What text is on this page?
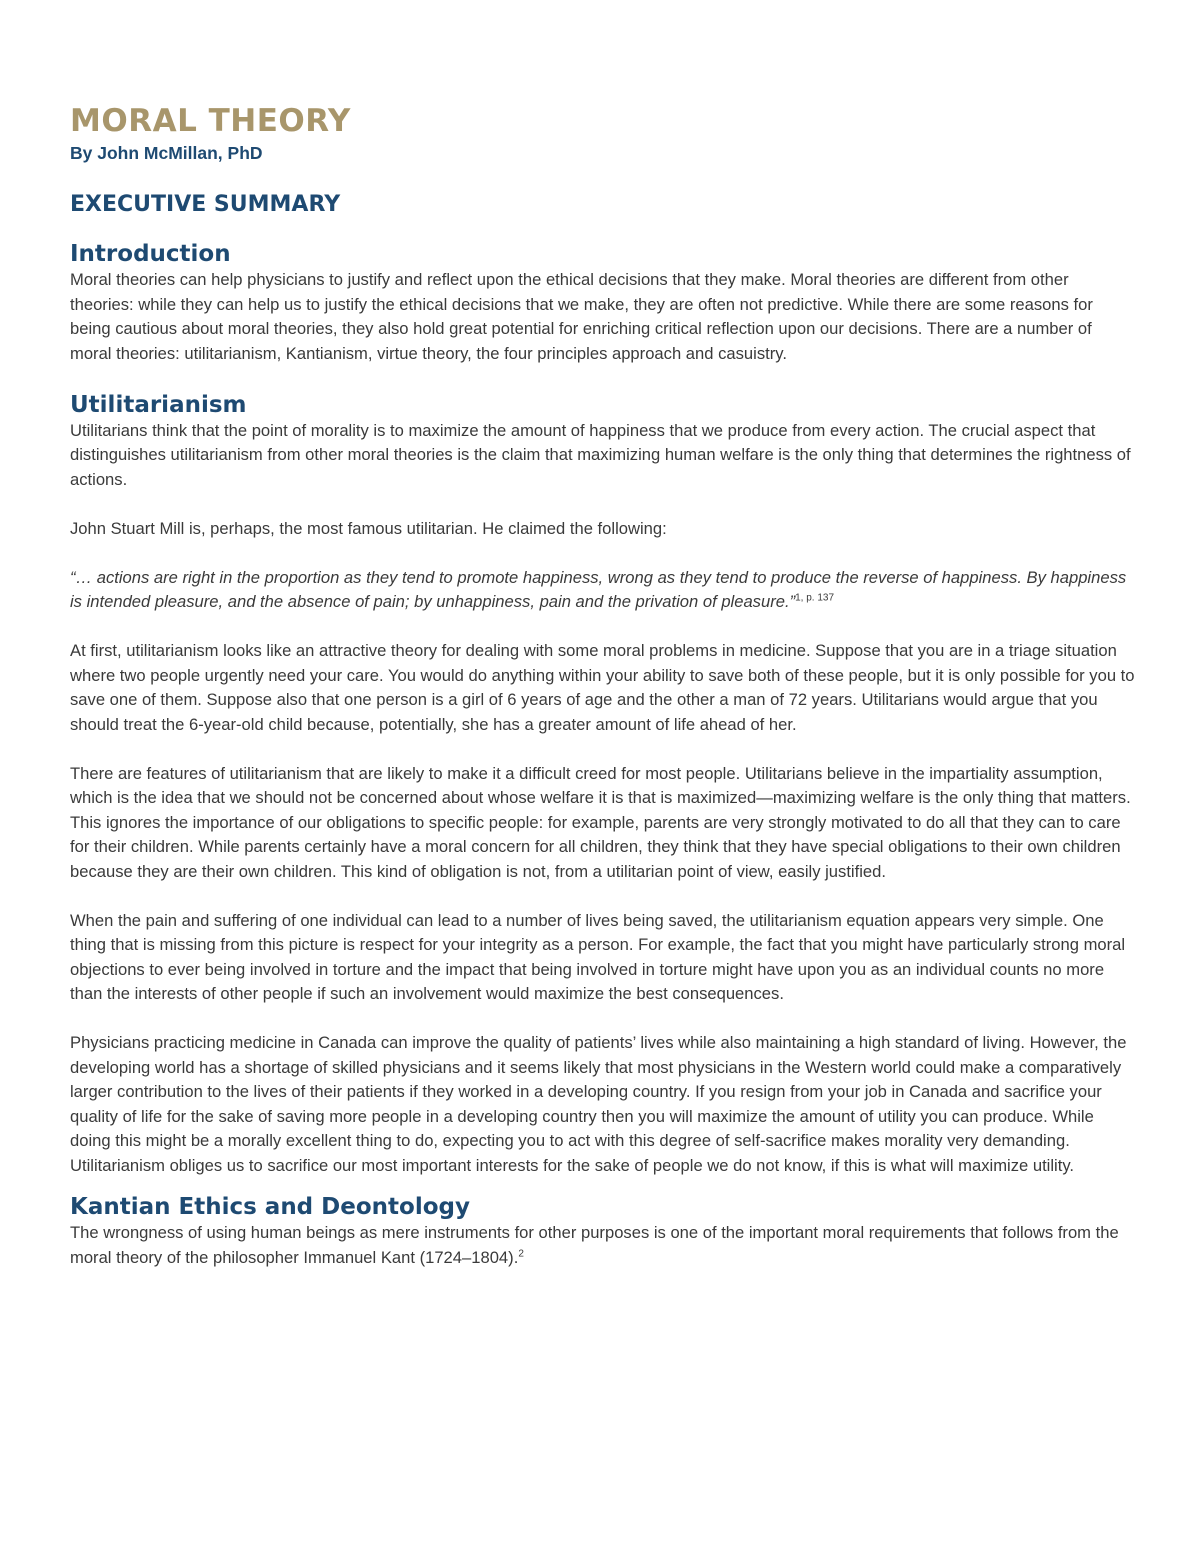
MORAL THEORY

By John McMillan, PhD

EXECUTIVE SUMMARY
Introduction

Moral theories can help physicians to justify and reflect upon the ethical decisions that they make. Moral theories are different from other theories: while they can help us to justify the ethical decisions that we make, they are often not predictive. While there are some reasons for being cautious about moral theories, they also hold great potential for enriching critical reflection upon our decisions. There are a number of moral theories: utilitarianism, Kantianism, virtue theory, the four principles approach and casuistry.

Utilitarianism

Utilitarians think that the point of morality is to maximize the amount of happiness that we produce from every action. The crucial aspect that distinguishes utilitarianism from other moral theories is the claim that maximizing human welfare is the only thing that determines the rightness of actions.

John Stuart Mill is, perhaps, the most famous utilitarian. He claimed the following:

“… actions are right in the proportion as they tend to promote happiness, wrong as they tend to produce the reverse of happiness. By happiness is intended pleasure, and the absence of pain; by unhappiness, pain and the privation of pleasure.”$^{1, p. 137}$

At first, utilitarianism looks like an attractive theory for dealing with some moral problems in medicine. Suppose that you are in a triage situation where two people urgently need your care. You would do anything within your ability to save both of these people, but it is only possible for you to save one of them. Suppose also that one person is a girl of 6 years of age and the other a man of 72 years. Utilitarians would argue that you should treat the 6-year-old child because, potentially, she has a greater amount of life ahead of her.

There are features of utilitarianism that are likely to make it a difficult creed for most people. Utilitarians believe in the impartiality assumption, which is the idea that we should not be concerned about whose welfare it is that is maximized—maximizing welfare is the only thing that matters. This ignores the importance of our obligations to specific people: for example, parents are very strongly motivated to do all that they can to care for their children. While parents certainly have a moral concern for all children, they think that they have special obligations to their own children because they are their own children. This kind of obligation is not, from a utilitarian point of view, easily justified.

When the pain and suffering of one individual can lead to a number of lives being saved, the utilitarianism equation appears very simple. One thing that is missing from this picture is respect for your integrity as a person. For example, the fact that you might have particularly strong moral objections to ever being involved in torture and the impact that being involved in torture might have upon you as an individual counts no more than the interests of other people if such an involvement would maximize the best consequences.

Physicians practicing medicine in Canada can improve the quality of patients’ lives while also maintaining a high standard of living. However, the developing world has a shortage of skilled physicians and it seems likely that most physicians in the Western world could make a comparatively larger contribution to the lives of their patients if they worked in a developing country. If you resign from your job in Canada and sacrifice your quality of life for the sake of saving more people in a developing country then you will maximize the amount of utility you can produce. While doing this might be a morally excellent thing to do, expecting you to act with this degree of self-sacrifice makes morality very demanding. Utilitarianism obliges us to sacrifice our most important interests for the sake of people we do not know, if this is what will maximize utility.

Kantian Ethics and Deontology

The wrongness of using human beings as mere instruments for other purposes is one of the important moral requirements that follows from the moral theory of the philosopher Immanuel Kant (1724–1804).$^2$
